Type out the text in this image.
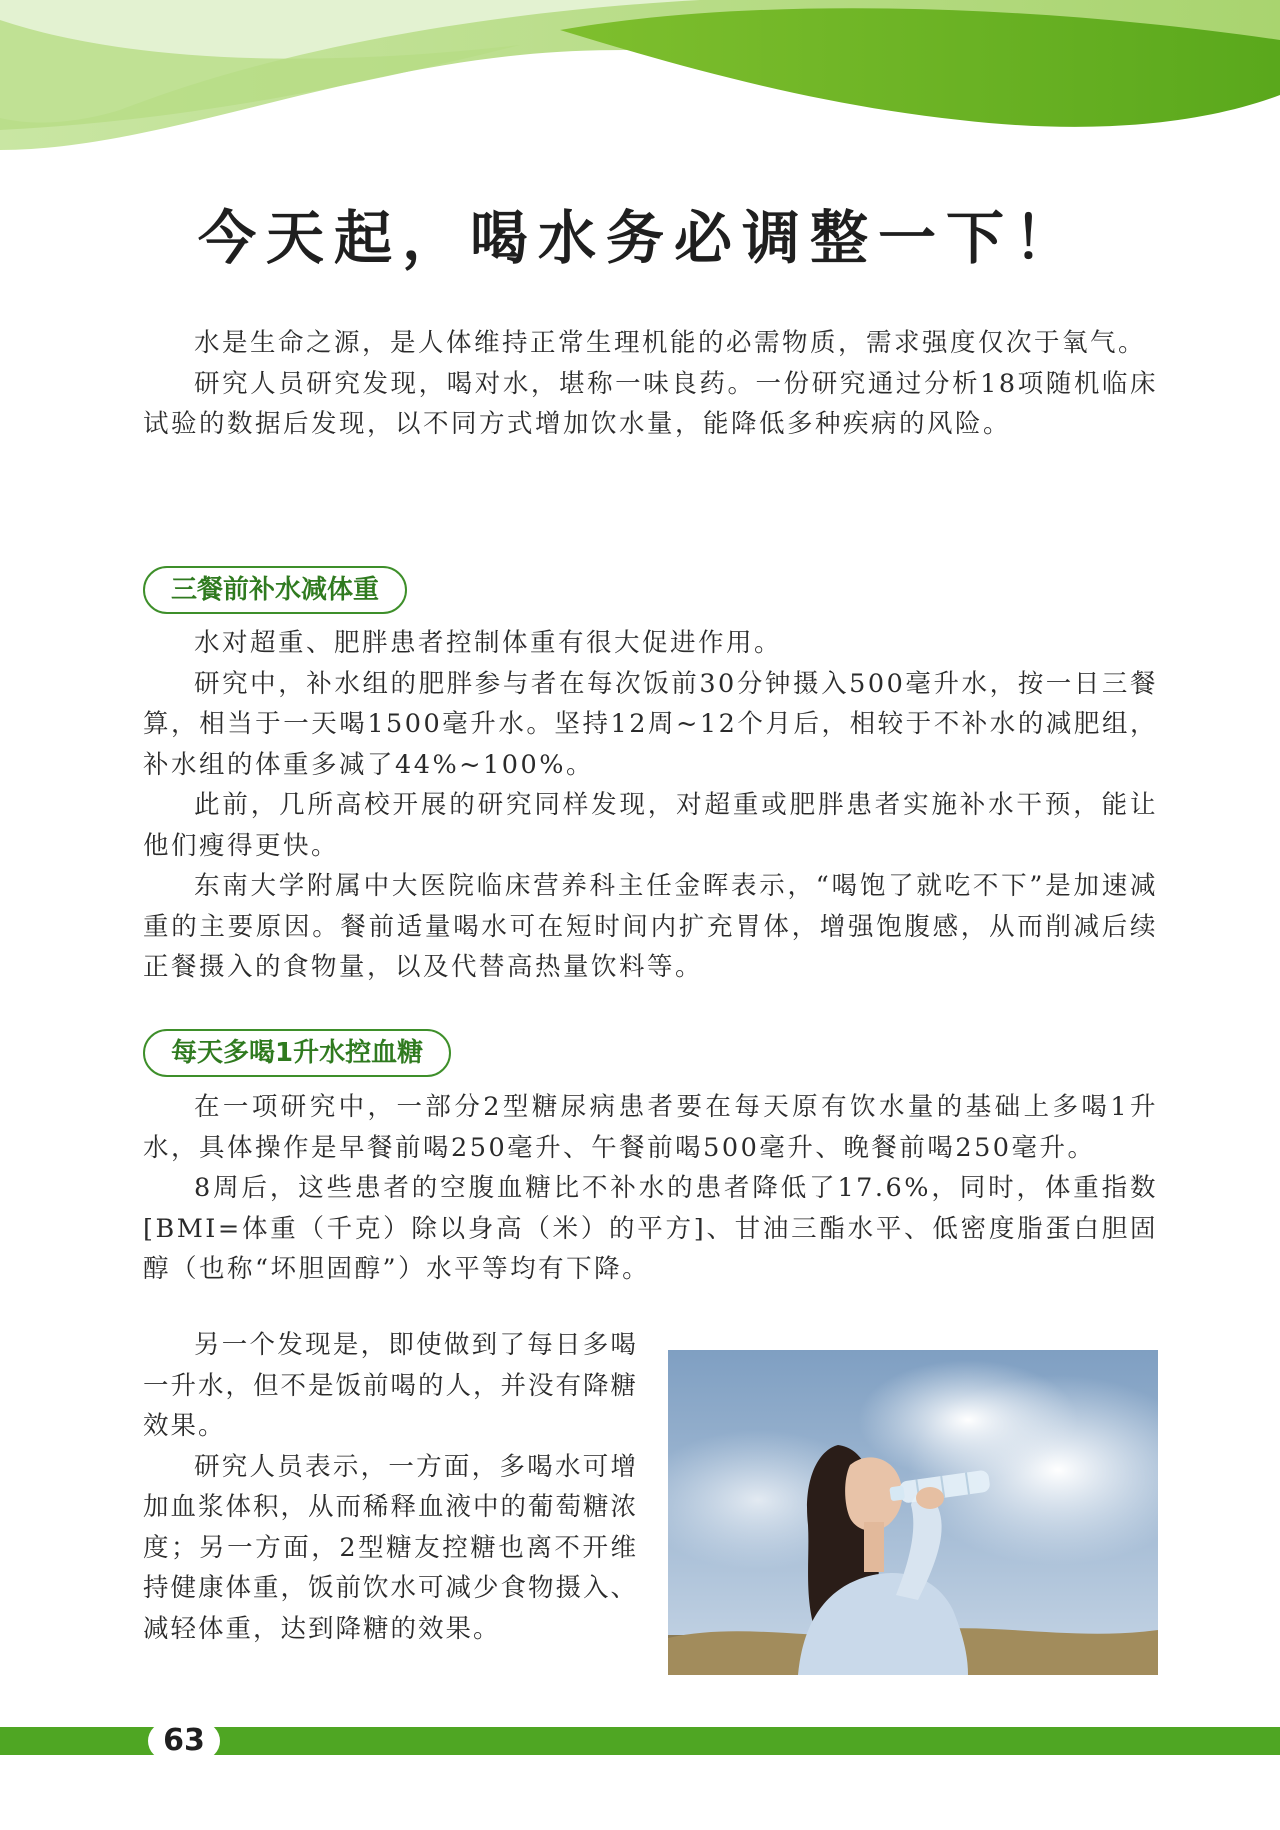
今天起，喝水务必调整一下！

水是生命之源，是人体维持正常生理机能的必需物质，需求强度仅次于氧气。

研究人员研究发现，喝对水，堪称一味良药。一份研究通过分析18项随机临床试验的数据后发现，以不同方式增加饮水量，能降低多种疾病的风险。

三餐前补水减体重

水对超重、肥胖患者控制体重有很大促进作用。

研究中，补水组的肥胖参与者在每次饭前30分钟摄入500毫升水，按一日三餐算，相当于一天喝1500毫升水。坚持12周~12个月后，相较于不补水的减肥组，补水组的体重多减了44%~100%。

此前，几所高校开展的研究同样发现，对超重或肥胖患者实施补水干预，能让他们瘦得更快。

东南大学附属中大医院临床营养科主任金晖表示，“喝饱了就吃不下”是加速减重的主要原因。餐前适量喝水可在短时间内扩充胃体，增强饱腹感，从而削减后续正餐摄入的食物量，以及代替高热量饮料等。

每天多喝1升水控血糖

在一项研究中，一部分2型糖尿病患者要在每天原有饮水量的基础上多喝1升水，具体操作是早餐前喝250毫升、午餐前喝500毫升、晚餐前喝250毫升。

8周后，这些患者的空腹血糖比不补水的患者降低了17.6%，同时，体重指数[BMI=体重（千克）除以身高（米）的平方]、甘油三酯水平、低密度脂蛋白胆固醇（也称“坏胆固醇”）水平等均有下降。

另一个发现是，即使做到了每日多喝一升水，但不是饭前喝的人，并没有降糖效果。

研究人员表示，一方面，多喝水可增加血浆体积，从而稀释血液中的葡萄糖浓度；另一方面，2型糖友控糖也离不开维持健康体重，饭前饮水可减少食物摄入、减轻体重，达到降糖的效果。

63
